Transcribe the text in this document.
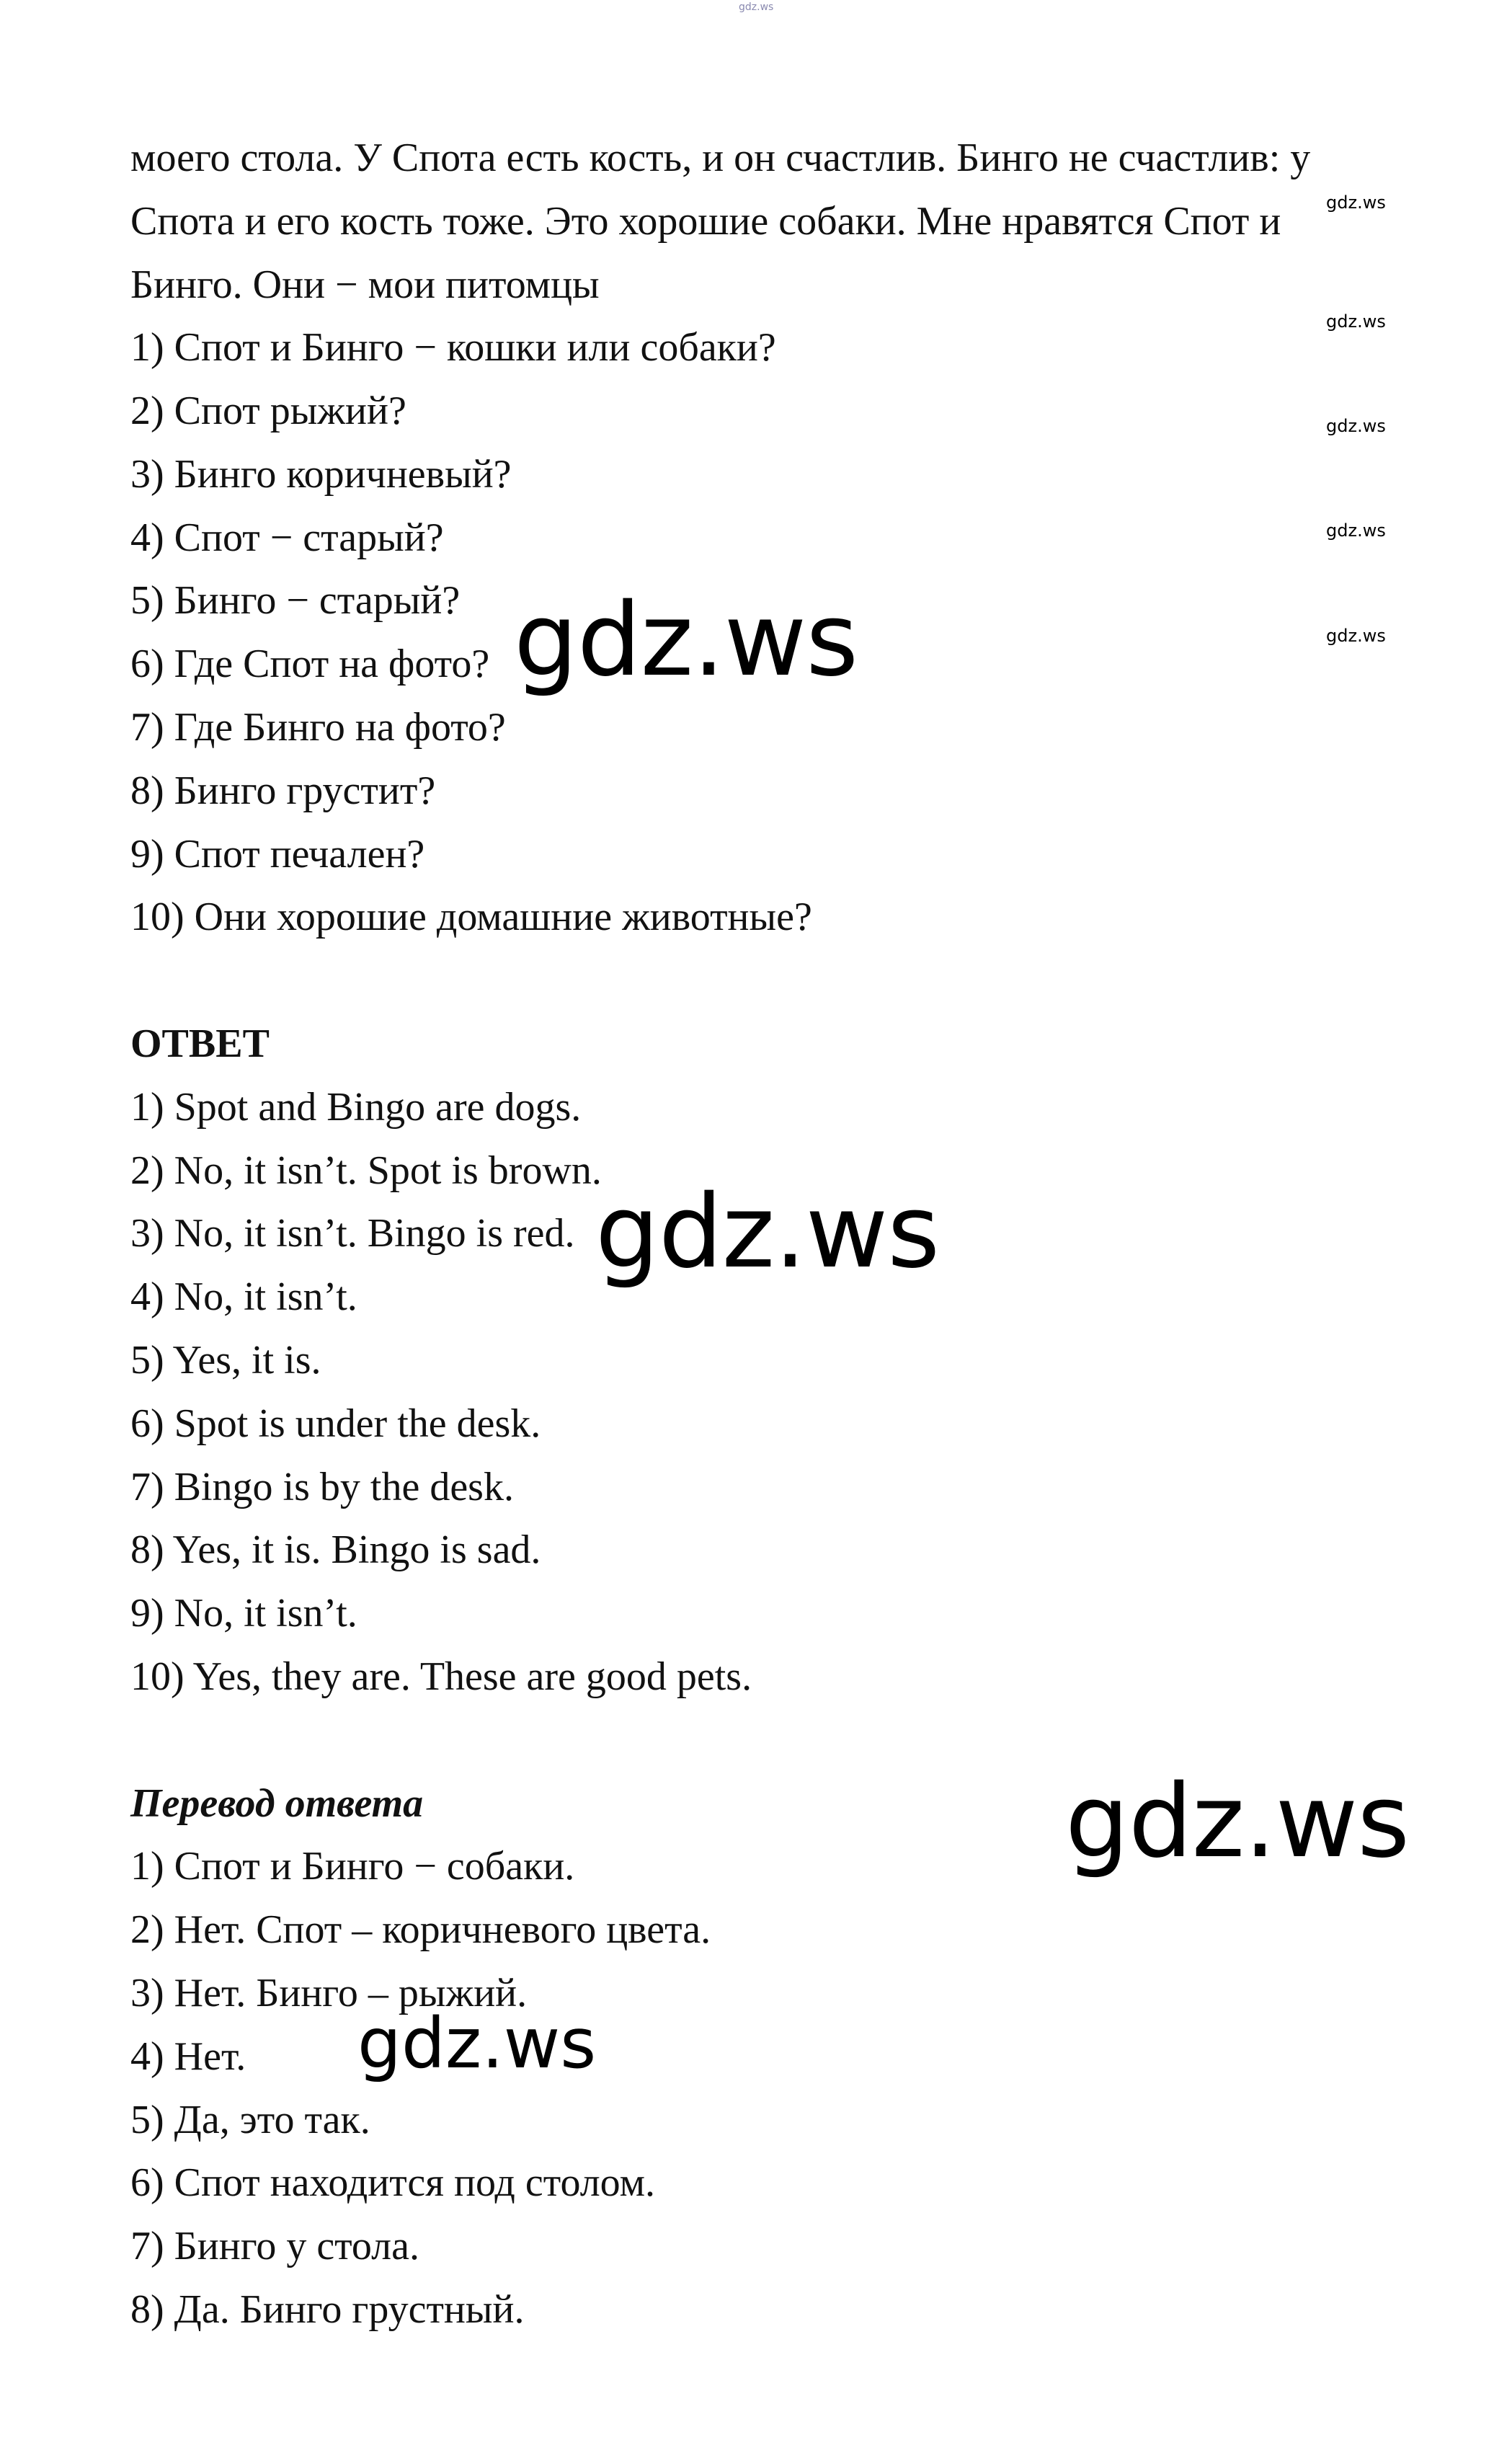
gdz.ws
моего стола. У Спота есть кость, и он счастлив. Бинго не счастлив: у
Спота и его кость тоже. Это хорошие собаки. Мне нравятся Спот и
Бинго. Они − мои питомцы
1) Спот и Бинго − кошки или собаки?
2) Спот рыжий?
3) Бинго коричневый?
4) Спот − старый?
5) Бинго − старый?
6) Где Спот на фото?
7) Где Бинго на фото?
8) Бинго грустит?
9) Спот печален?
10) Они хорошие домашние животные?
ОТВЕТ
1) Spot and Bingo are dogs.
2) No, it isn’t. Spot is brown.
3) No, it isn’t. Bingo is red.
4) No, it isn’t.
5) Yes, it is.
6) Spot is under the desk.
7) Bingo is by the desk.
8) Yes, it is. Bingo is sad.
9) No, it isn’t.
10) Yes, they are. These are good pets.
Перевод ответа
1) Спот и Бинго − собаки.
2) Нет. Спот – коричневого цвета.
3) Нет. Бинго – рыжий.
4) Нет.
5) Да, это так.
6) Спот находится под столом.
7) Бинго у стола.
8) Да. Бинго грустный.
gdz.ws
gdz.ws
gdz.ws
gdz.ws
gdz.ws
gdz.ws
gdz.ws
gdz.ws
gdz.ws
